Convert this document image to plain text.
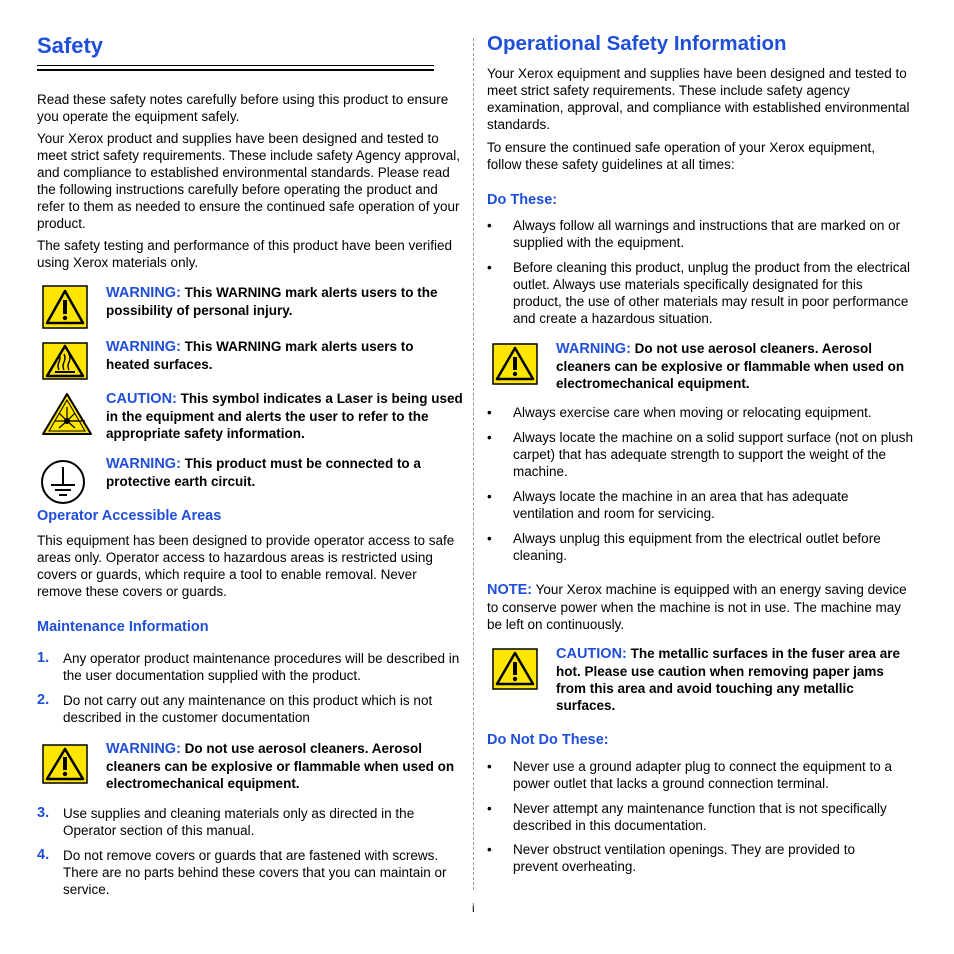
Safety

Read these safety notes carefully before using this product to ensure you operate the equipment safely.

Your Xerox product and supplies have been designed and tested to meet strict safety requirements. These include safety Agency approval, and compliance to established environmental standards. Please read the following instructions carefully before operating the product and refer to them as needed to ensure the continued safe operation of your product.

The safety testing and performance of this product have been verified using Xerox materials only.

WARNING: This WARNING mark alerts users to the possibility of personal injury.
WARNING: This WARNING mark alerts users to heated surfaces.
CAUTION: This symbol indicates a Laser is being used in the equipment and alerts the user to refer to the appropriate safety information.
WARNING: This product must be connected to a protective earth circuit.
Operator Accessible Areas

This equipment has been designed to provide operator access to safe areas only. Operator access to hazardous areas is restricted using covers or guards, which require a tool to enable removal. Never remove these covers or guards.

Maintenance Information
1. Any operator product maintenance procedures will be described in the user documentation supplied with the product.
2. Do not carry out any maintenance on this product which is not described in the customer documentation
WARNING: Do not use aerosol cleaners. Aerosol cleaners can be explosive or flammable when used on electromechanical equipment.
3. Use supplies and cleaning materials only as directed in the Operator section of this manual.
4. Do not remove covers or guards that are fastened with screws. There are no parts behind these covers that you can maintain or service.
Operational Safety Information

Your Xerox equipment and supplies have been designed and tested to meet strict safety requirements. These include safety agency examination, approval, and compliance with established environmental standards.

To ensure the continued safe operation of your Xerox equipment, follow these safety guidelines at all times:

Do These:
• Always follow all warnings and instructions that are marked on or supplied with the equipment.
• Before cleaning this product, unplug the product from the electrical outlet. Always use materials specifically designated for this product, the use of other materials may result in poor performance and create a hazardous situation.
WARNING: Do not use aerosol cleaners. Aerosol cleaners can be explosive or flammable when used on electromechanical equipment.
• Always exercise care when moving or relocating equipment.
• Always locate the machine on a solid support surface (not on plush carpet) that has adequate strength to support the weight of the machine.
• Always locate the machine in an area that has adequate ventilation and room for servicing.
• Always unplug this equipment from the electrical outlet before cleaning.

NOTE: Your Xerox machine is equipped with an energy saving device to conserve power when the machine is not in use. The machine may be left on continuously.

CAUTION: The metallic surfaces in the fuser area are hot. Please use caution when removing paper jams from this area and avoid touching any metallic surfaces.
Do Not Do These:
• Never use a ground adapter plug to connect the equipment to a power outlet that lacks a ground connection terminal.
• Never attempt any maintenance function that is not specifically described in this documentation.
• Never obstruct ventilation openings. They are provided to prevent overheating.
i
